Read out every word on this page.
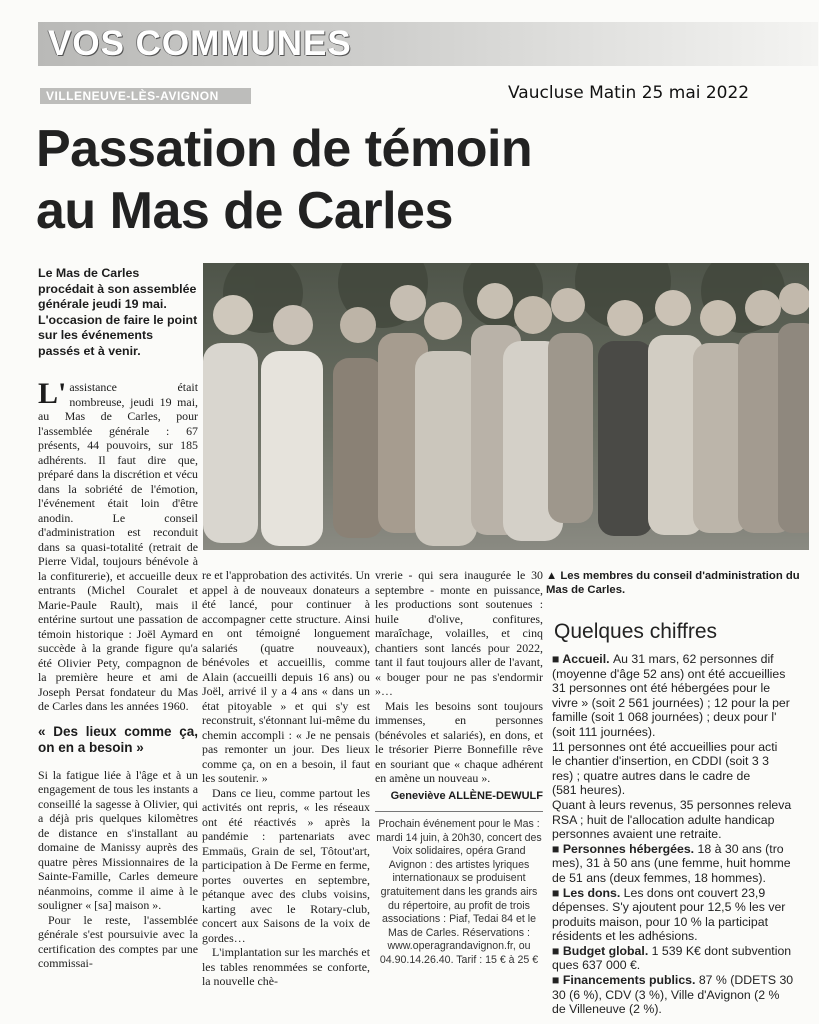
VOS COMMUNES
VILLENEUVE-LÈS-AVIGNON	Vaucluse Matin 25 mai 2022
Passation de témoin
au Mas de Carles
Le Mas de Carles procédait à son assemblée générale jeudi 19 mai. L'occasion de faire le point sur les événements passés et à venir.

L' assistance était nombreuse, jeudi 19 mai, au Mas de Carles, pour l'assemblée générale : 67 présents, 44 pouvoirs, sur 185 adhérents. Il faut dire que, préparé dans la discrétion et vécu dans la sobriété de l'émotion, l'événement était loin d'être anodin. Le conseil d'administration est reconduit dans sa quasi-totalité (retrait de Pierre Vidal, toujours bénévole à la confiturerie), et accueille deux entrants (Michel Couralet et Marie-Paule Rault), mais il entérine surtout une passation de témoin historique : Joël Aymard succède à la grande figure qu'a été Olivier Pety, compagnon de la première heure et ami de Joseph Persat fondateur du Mas de Carles dans les années 1960.

« Des lieux comme ça, on en a besoin »

Si la fatigue liée à l'âge et à un engagement de tous les instants a conseillé la sagesse à Olivier, qui a déjà pris quelques kilomètres de distance en s'installant au domaine de Manissy auprès des quatre pères Missionnaires de la Sainte-Famille, Carles demeure néanmoins, comme il aime à le souligner « [sa] maison ».

Pour le reste, l'assemblée générale s'est poursuivie avec la certification des comptes par une commissai-

re et l'approbation des activités. Un appel à de nouveaux donateurs a été lancé, pour continuer à accompagner cette structure. Ainsi en ont témoigné longuement salariés (quatre nouveaux), bénévoles et accueillis, comme Alain (accueilli depuis 16 ans) ou Joël, arrivé il y a 4 ans « dans un état pitoyable » et qui s'y est reconstruit, s'étonnant lui-même du chemin accompli : « Je ne pensais pas remonter un jour. Des lieux comme ça, on en a besoin, il faut les soutenir. »

Dans ce lieu, comme partout les activités ont repris, « les réseaux ont été réactivés » après la pandémie : partenariats avec Emmaüs, Grain de sel, Tôtout'art, participation à De Ferme en ferme, portes ouvertes en septembre, pétanque avec des clubs voisins, karting avec le Rotary-club, concert aux Saisons de la voix de gordes…

L'implantation sur les marchés et les tables renommées se conforte, la nouvelle chè-

vrerie - qui sera inaugurée le 30 septembre - monte en puissance, les productions sont soutenues : huile d'olive, confitures, maraîchage, volailles, et cinq chantiers sont lancés pour 2022, tant il faut toujours aller de l'avant, « bouger pour ne pas s'endormir »…

Mais les besoins sont toujours immenses, en personnes (bénévoles et salariés), en dons, et le trésorier Pierre Bonnefille rêve en souriant que « chaque adhérent en amène un nouveau ».

Geneviève ALLÈNE-DEWULF
Prochain événement pour le Mas : mardi 14 juin, à 20h30, concert des Voix solidaires, opéra Grand Avignon : des artistes lyriques internationaux se produisent gratuitement dans les grands airs du répertoire, au profit de trois associations : Piaf, Tedai 84 et le Mas de Carles. Réservations : www.operagrandavignon.fr, ou 04.90.14.26.40. Tarif : 15 € à 25 €
▲ Les membres du conseil d'administration du Mas de Carles.
Quelques chiffres
■ Accueil. Au 31 mars, 62 personnes dif
(moyenne d'âge 52 ans) ont été accueillies
31 personnes ont été hébergées pour le
vivre » (soit 2 561 journées) ; 12 pour la per
famille (soit 1 068 journées) ; deux pour l'
(soit 111 journées).
11 personnes ont été accueillies pour acti
le chantier d'insertion, en CDDI (soit 3 3
res) ; quatre autres dans le cadre de
(581 heures).
Quant à leurs revenus, 35 personnes releva
RSA ; huit de l'allocation adulte handicap
personnes avaient une retraite.
■ Personnes hébergées. 18 à 30 ans (tro
mes), 31 à 50 ans (une femme, huit homme
de 51 ans (deux femmes, 18 hommes).
■ Les dons. Les dons ont couvert 23,9
dépenses. S'y ajoutent pour 12,5 % les ver
produits maison, pour 10 % la participat
résidents et les adhésions.
■ Budget global. 1 539 K€ dont subvention
ques 637 000 €.
■ Financements publics. 87 % (DDETS 30
30 (6 %), CDV (3 %), Ville d'Avignon (2 %
de Villeneuve (2 %).
